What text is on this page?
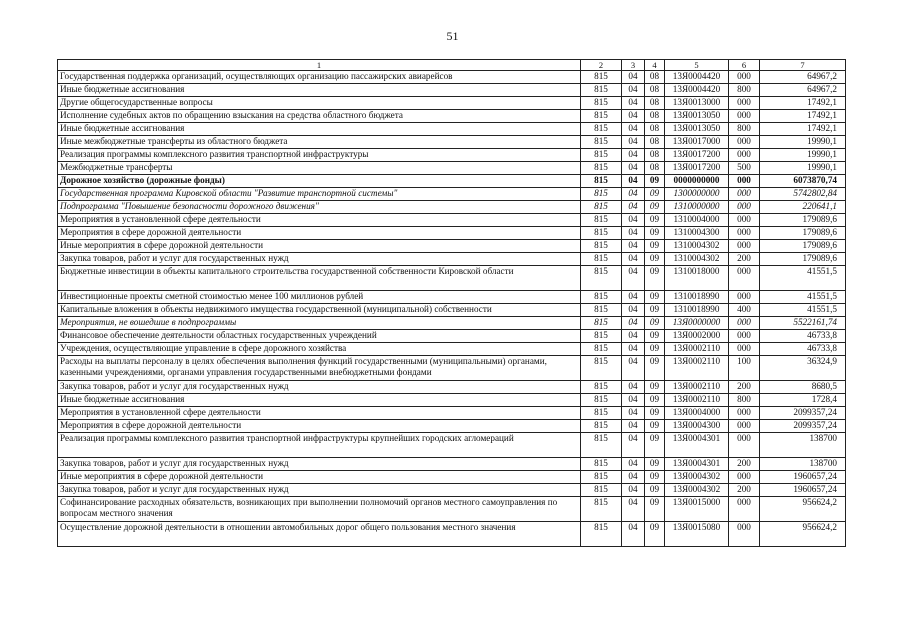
51
1	2	3	4	5	6	7
Государственная поддержка организаций, осуществляющих организацию пассажирских авиарейсов	815	04	08	13Я0004420	000	64967,2
Иные бюджетные ассигнования	815	04	08	13Я0004420	800	64967,2
Другие общегосударственные вопросы	815	04	08	13Я0013000	000	17492,1
Исполнение судебных актов по обращению взыскания на средства областного бюджета	815	04	08	13Я0013050	000	17492,1
Иные бюджетные ассигнования	815	04	08	13Я0013050	800	17492,1
Иные межбюджетные трансферты из областного бюджета	815	04	08	13Я0017000	000	19990,1
Реализация программы комплексного развития транспортной инфраструктуры	815	04	08	13Я0017200	000	19990,1
Межбюджетные трансферты	815	04	08	13Я0017200	500	19990,1
Дорожное хозяйство (дорожные фонды)	815	04	09	0000000000	000	6073870,74
Государственная программа Кировской области "Развитие транспортной системы"	815	04	09	1300000000	000	5742802,84
Подпрограмма "Повышение безопасности дорожного движения"	815	04	09	1310000000	000	220641,1
Мероприятия в установленной сфере деятельности	815	04	09	1310004000	000	179089,6
Мероприятия в сфере дорожной деятельности	815	04	09	1310004300	000	179089,6
Иные мероприятия в сфере дорожной деятельности	815	04	09	1310004302	000	179089,6
Закупка товаров, работ и услуг для государственных нужд	815	04	09	1310004302	200	179089,6
Бюджетные инвестиции в объекты капитального строительства государственной собственности Кировской области	815	04	09	1310018000	000	41551,5
Инвестиционные проекты сметной стоимостью менее 100 миллионов рублей	815	04	09	1310018990	000	41551,5
Капитальные вложения в объекты недвижимого имущества государственной (муниципальной) собственности	815	04	09	1310018990	400	41551,5
Мероприятия, не вошедшие в подпрограммы	815	04	09	13Я0000000	000	5522161,74
Финансовое обеспечение деятельности областных государственных учреждений	815	04	09	13Я0002000	000	46733,8
Учреждения, осуществляющие управление в сфере дорожного хозяйства	815	04	09	13Я0002110	000	46733,8
Расходы на выплаты персоналу в целях обеспечения выполнения функций государственными (муниципальными) органами, казенными учреждениями, органами управления государственными внебюджетными фондами	815	04	09	13Я0002110	100	36324,9
Закупка товаров, работ и услуг для государственных нужд	815	04	09	13Я0002110	200	8680,5
Иные бюджетные ассигнования	815	04	09	13Я0002110	800	1728,4
Мероприятия в установленной сфере деятельности	815	04	09	13Я0004000	000	2099357,24
Мероприятия в сфере дорожной деятельности	815	04	09	13Я0004300	000	2099357,24
Реализация программы комплексного развития транспортной инфраструктуры крупнейших городских агломераций	815	04	09	13Я0004301	000	138700
Закупка товаров, работ и услуг для государственных нужд	815	04	09	13Я0004301	200	138700
Иные мероприятия в сфере дорожной деятельности	815	04	09	13Я0004302	000	1960657,24
Закупка товаров, работ и услуг для государственных нужд	815	04	09	13Я0004302	200	1960657,24
Софинансирование расходных обязательств, возникающих при выполнении полномочий органов местного самоуправления по вопросам местного значения	815	04	09	13Я0015000	000	956624,2
Осуществление дорожной деятельности в отношении автомобильных дорог общего пользования местного значения	815	04	09	13Я0015080	000	956624,2
